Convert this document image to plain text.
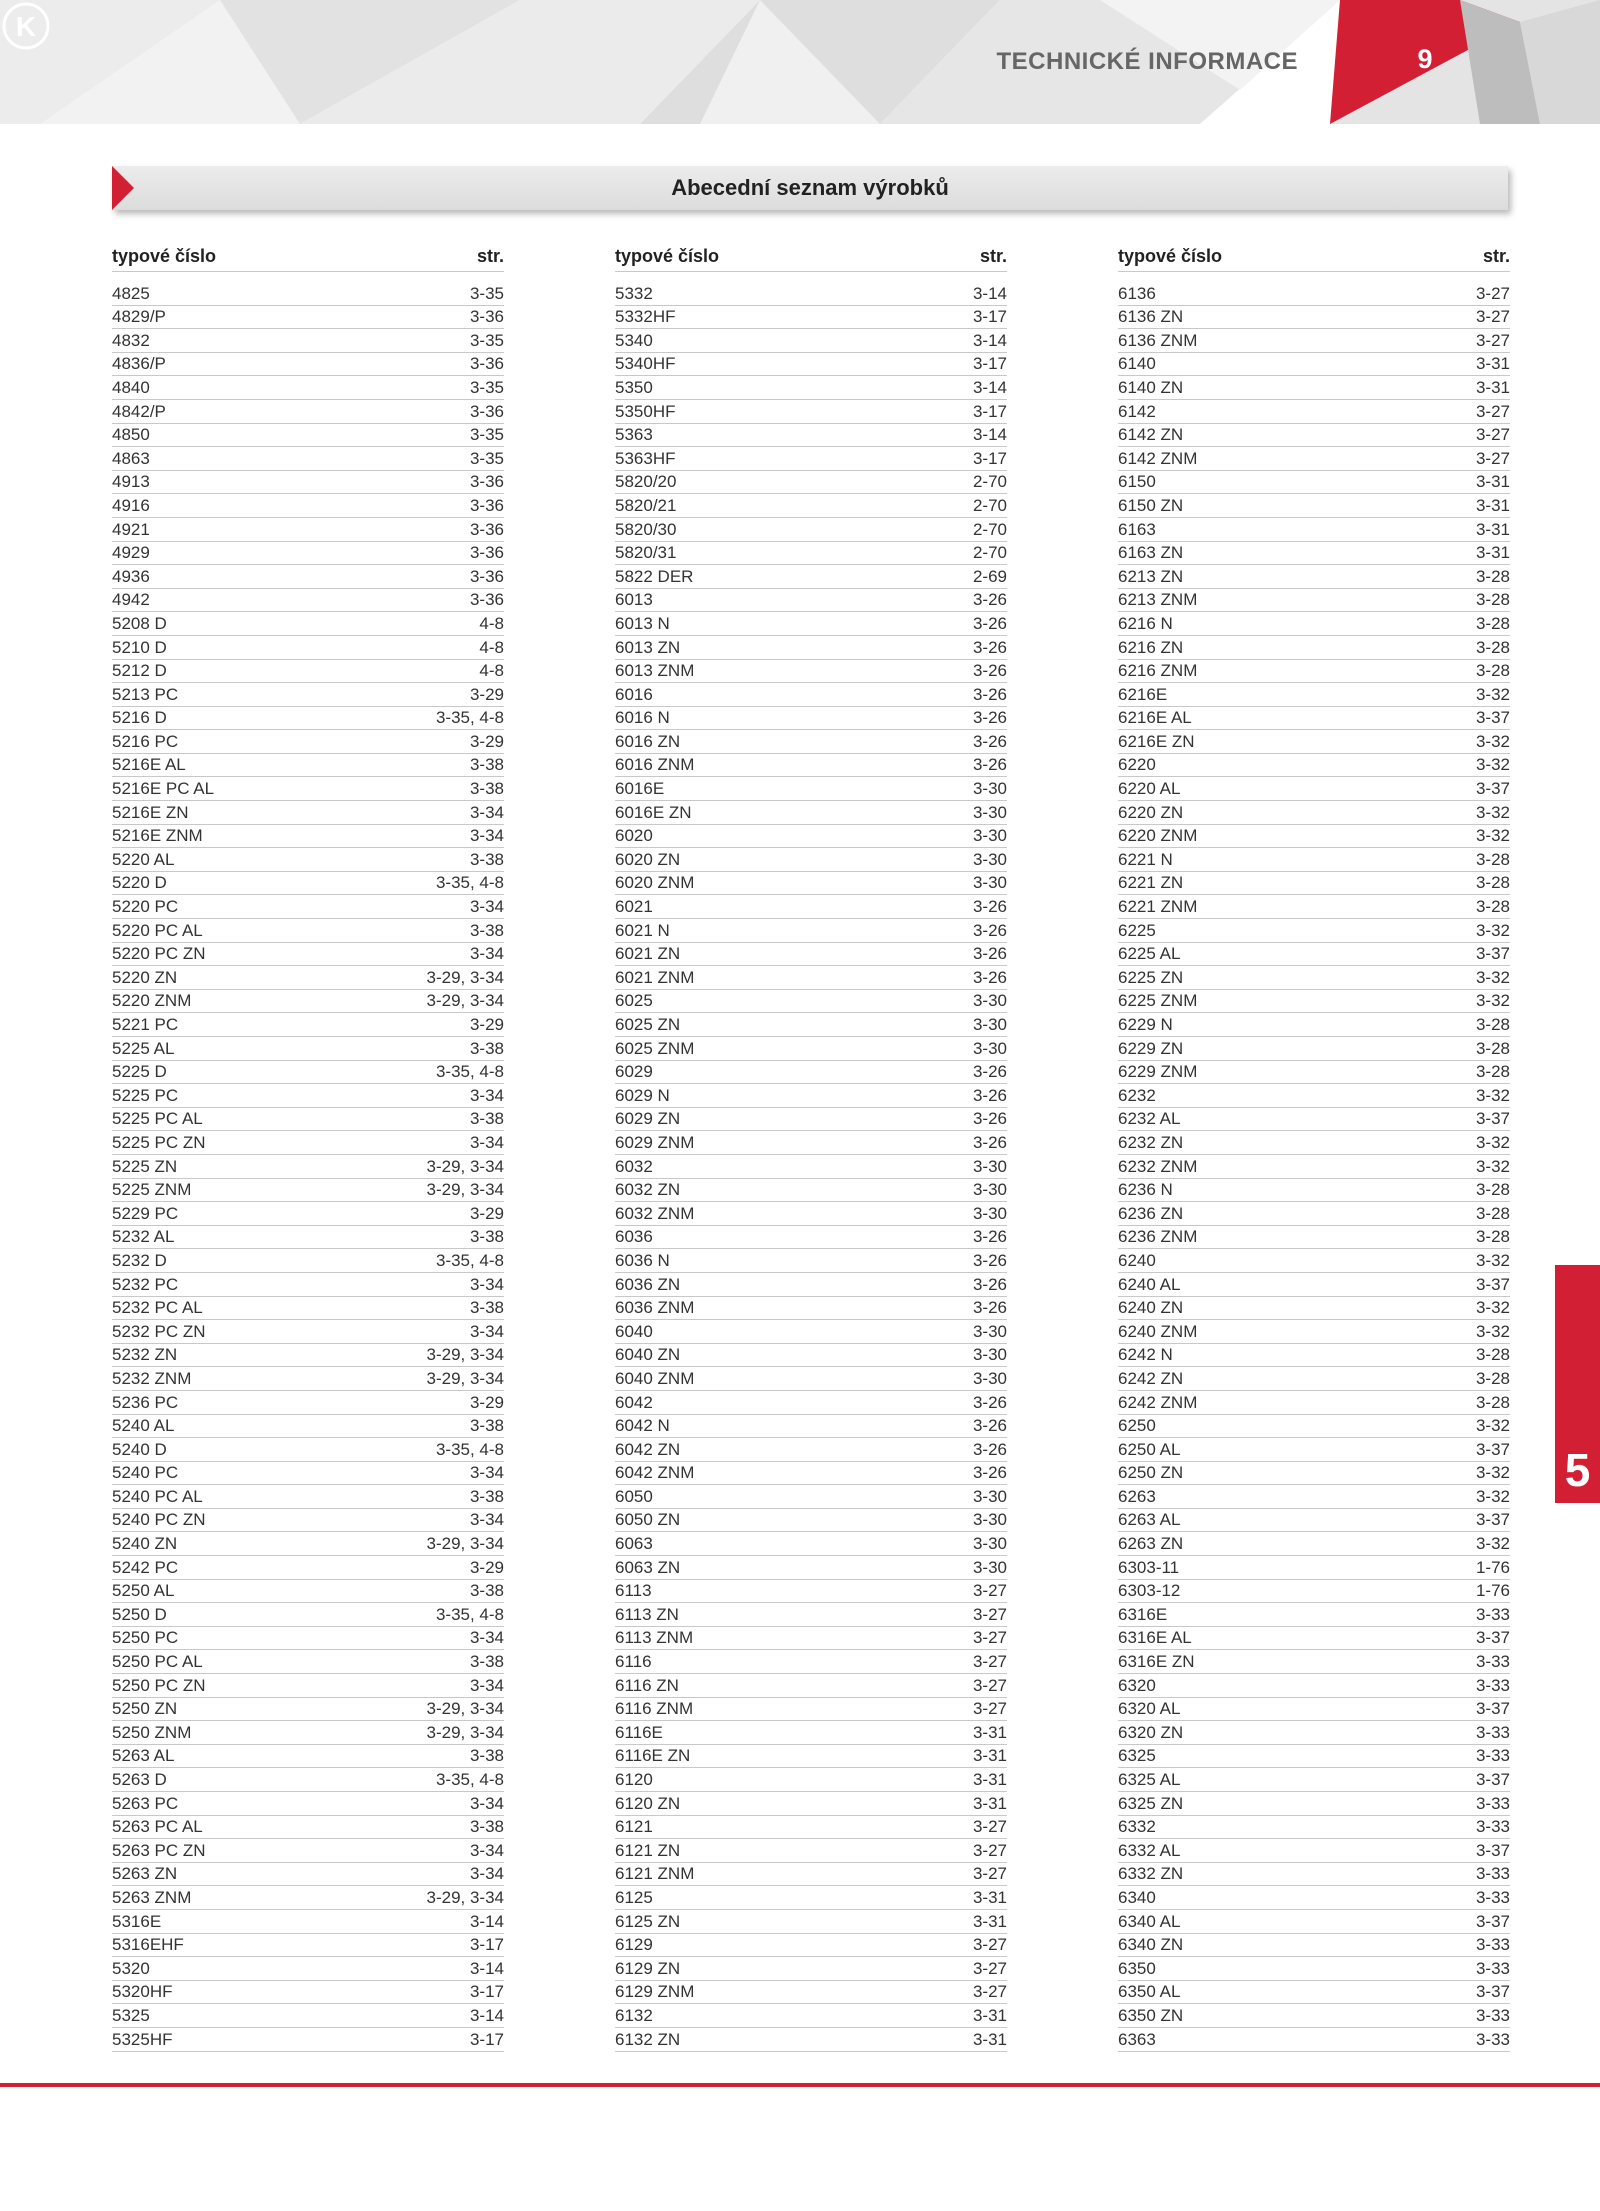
TECHNICKÉ INFORMACE	9
K
Abecední seznam výrobků
typové číslo	str.
4825	3-35
4829/P	3-36
4832	3-35
4836/P	3-36
4840	3-35
4842/P	3-36
4850	3-35
4863	3-35
4913	3-36
4916	3-36
4921	3-36
4929	3-36
4936	3-36
4942	3-36
5208 D	4-8
5210 D	4-8
5212 D	4-8
5213 PC	3-29
5216 D	3-35, 4-8
5216 PC	3-29
5216E AL	3-38
5216E PC AL	3-38
5216E ZN	3-34
5216E ZNM	3-34
5220 AL	3-38
5220 D	3-35, 4-8
5220 PC	3-34
5220 PC AL	3-38
5220 PC ZN	3-34
5220 ZN	3-29, 3-34
5220 ZNM	3-29, 3-34
5221 PC	3-29
5225 AL	3-38
5225 D	3-35, 4-8
5225 PC	3-34
5225 PC AL	3-38
5225 PC ZN	3-34
5225 ZN	3-29, 3-34
5225 ZNM	3-29, 3-34
5229 PC	3-29
5232 AL	3-38
5232 D	3-35, 4-8
5232 PC	3-34
5232 PC AL	3-38
5232 PC ZN	3-34
5232 ZN	3-29, 3-34
5232 ZNM	3-29, 3-34
5236 PC	3-29
5240 AL	3-38
5240 D	3-35, 4-8
5240 PC	3-34
5240 PC AL	3-38
5240 PC ZN	3-34
5240 ZN	3-29, 3-34
5242 PC	3-29
5250 AL	3-38
5250 D	3-35, 4-8
5250 PC	3-34
5250 PC AL	3-38
5250 PC ZN	3-34
5250 ZN	3-29, 3-34
5250 ZNM	3-29, 3-34
5263 AL	3-38
5263 D	3-35, 4-8
5263 PC	3-34
5263 PC AL	3-38
5263 PC ZN	3-34
5263 ZN	3-34
5263 ZNM	3-29, 3-34
5316E	3-14
5316EHF	3-17
5320	3-14
5320HF	3-17
5325	3-14
5325HF	3-17
typové číslo	str.
5332	3-14
5332HF	3-17
5340	3-14
5340HF	3-17
5350	3-14
5350HF	3-17
5363	3-14
5363HF	3-17
5820/20	2-70
5820/21	2-70
5820/30	2-70
5820/31	2-70
5822 DER	2-69
6013	3-26
6013 N	3-26
6013 ZN	3-26
6013 ZNM	3-26
6016	3-26
6016 N	3-26
6016 ZN	3-26
6016 ZNM	3-26
6016E	3-30
6016E ZN	3-30
6020	3-30
6020 ZN	3-30
6020 ZNM	3-30
6021	3-26
6021 N	3-26
6021 ZN	3-26
6021 ZNM	3-26
6025	3-30
6025 ZN	3-30
6025 ZNM	3-30
6029	3-26
6029 N	3-26
6029 ZN	3-26
6029 ZNM	3-26
6032	3-30
6032 ZN	3-30
6032 ZNM	3-30
6036	3-26
6036 N	3-26
6036 ZN	3-26
6036 ZNM	3-26
6040	3-30
6040 ZN	3-30
6040 ZNM	3-30
6042	3-26
6042 N	3-26
6042 ZN	3-26
6042 ZNM	3-26
6050	3-30
6050 ZN	3-30
6063	3-30
6063 ZN	3-30
6113	3-27
6113 ZN	3-27
6113 ZNM	3-27
6116	3-27
6116 ZN	3-27
6116 ZNM	3-27
6116E	3-31
6116E ZN	3-31
6120	3-31
6120 ZN	3-31
6121	3-27
6121 ZN	3-27
6121 ZNM	3-27
6125	3-31
6125 ZN	3-31
6129	3-27
6129 ZN	3-27
6129 ZNM	3-27
6132	3-31
6132 ZN	3-31
typové číslo	str.
6136	3-27
6136 ZN	3-27
6136 ZNM	3-27
6140	3-31
6140 ZN	3-31
6142	3-27
6142 ZN	3-27
6142 ZNM	3-27
6150	3-31
6150 ZN	3-31
6163	3-31
6163 ZN	3-31
6213 ZN	3-28
6213 ZNM	3-28
6216 N	3-28
6216 ZN	3-28
6216 ZNM	3-28
6216E	3-32
6216E AL	3-37
6216E ZN	3-32
6220	3-32
6220 AL	3-37
6220 ZN	3-32
6220 ZNM	3-32
6221 N	3-28
6221 ZN	3-28
6221 ZNM	3-28
6225	3-32
6225 AL	3-37
6225 ZN	3-32
6225 ZNM	3-32
6229 N	3-28
6229 ZN	3-28
6229 ZNM	3-28
6232	3-32
6232 AL	3-37
6232 ZN	3-32
6232 ZNM	3-32
6236 N	3-28
6236 ZN	3-28
6236 ZNM	3-28
6240	3-32
6240 AL	3-37
6240 ZN	3-32
6240 ZNM	3-32
6242 N	3-28
6242 ZN	3-28
6242 ZNM	3-28
6250	3-32
6250 AL	3-37
6250 ZN	3-32
6263	3-32
6263 AL	3-37
6263 ZN	3-32
6303-11	1-76
6303-12	1-76
6316E	3-33
6316E AL	3-37
6316E ZN	3-33
6320	3-33
6320 AL	3-37
6320 ZN	3-33
6325	3-33
6325 AL	3-37
6325 ZN	3-33
6332	3-33
6332 AL	3-37
6332 ZN	3-33
6340	3-33
6340 AL	3-37
6340 ZN	3-33
6350	3-33
6350 AL	3-37
6350 ZN	3-33
6363	3-33
5
